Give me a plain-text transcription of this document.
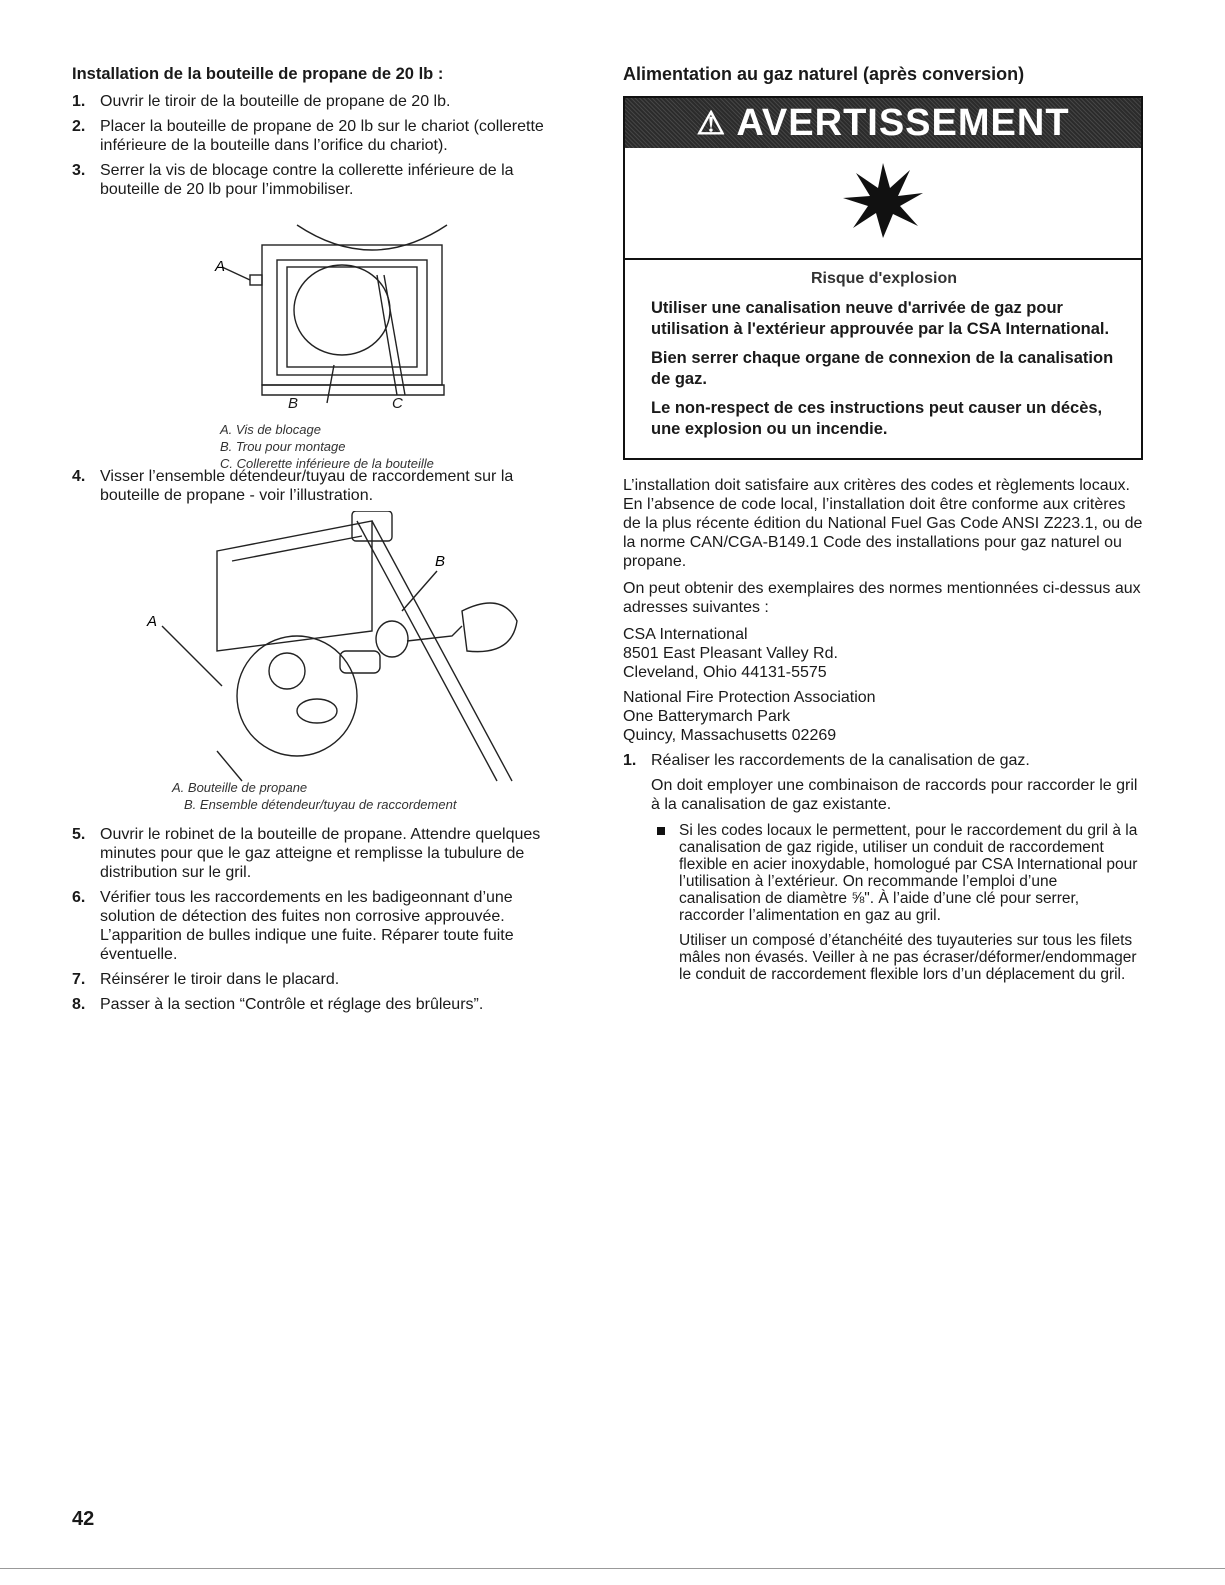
Installation de la bouteille de propane de 20 lb :
1. Ouvrir le tiroir de la bouteille de propane de 20 lb.
2. Placer la bouteille de propane de 20 lb sur le chariot (collerette inférieure de la bouteille dans l’orifice du chariot).
3. Serrer la vis de blocage contre la collerette inférieure de la bouteille de 20 lb pour l’immobiliser.
A
B	C
A. Vis de blocage
B. Trou pour montage
C. Collerette inférieure de la bouteille
4. Visser l’ensemble détendeur/tuyau de raccordement sur la bouteille de propane - voir l’illustration.
B
A
A. Bouteille de propane
B. Ensemble détendeur/tuyau de raccordement
5. Ouvrir le robinet de la bouteille de propane. Attendre quelques minutes pour que le gaz atteigne et remplisse la tubulure de distribution sur le gril.
6. Vérifier tous les raccordements en les badigeonnant d’une solution de détection des fuites non corrosive approuvée. L’apparition de bulles indique une fuite. Réparer toute fuite éventuelle.
7. Réinsérer le tiroir dans le placard.
8. Passer à la section “Contrôle et réglage des brûleurs”.
Alimentation au gaz naturel (après conversion)
⚠ AVERTISSEMENT

Risque d'explosion

Utiliser une canalisation neuve d'arrivée de gaz pour utilisation à l'extérieur approuvée par la CSA International.

Bien serrer chaque organe de connexion de la canalisation de gaz.

Le non-respect de ces instructions peut causer un décès, une explosion ou un incendie.

L’installation doit satisfaire aux critères des codes et règlements locaux. En l’absence de code local, l’installation doit être conforme aux critères de la plus récente édition du National Fuel Gas Code ANSI Z223.1, ou de la norme CAN/CGA-B149.1 Code des installations pour gaz naturel ou propane.

On peut obtenir des exemplaires des normes mentionnées ci-dessus aux adresses suivantes :

CSA International
8501 East Pleasant Valley Rd.
Cleveland, Ohio 44131-5575
National Fire Protection Association
One Batterymarch Park
Quincy, Massachusetts 02269
1. Réaliser les raccordements de la canalisation de gaz.

On doit employer une combinaison de raccords pour raccorder le gril à la canalisation de gaz existante.

Si les codes locaux le permettent, pour le raccordement du gril à la canalisation de gaz rigide, utiliser un conduit de raccordement flexible en acier inoxydable, homologué par CSA International pour l’utilisation à l’extérieur. On recommande l’emploi d’une canalisation de diamètre ⅝". À l’aide d’une clé pour serrer, raccorder l’alimentation en gaz au gril.
Utiliser un composé d’étanchéité des tuyauteries sur tous les filets mâles non évasés. Veiller à ne pas écraser/déformer/endommager le conduit de raccordement flexible lors d’un déplacement du gril.
42
